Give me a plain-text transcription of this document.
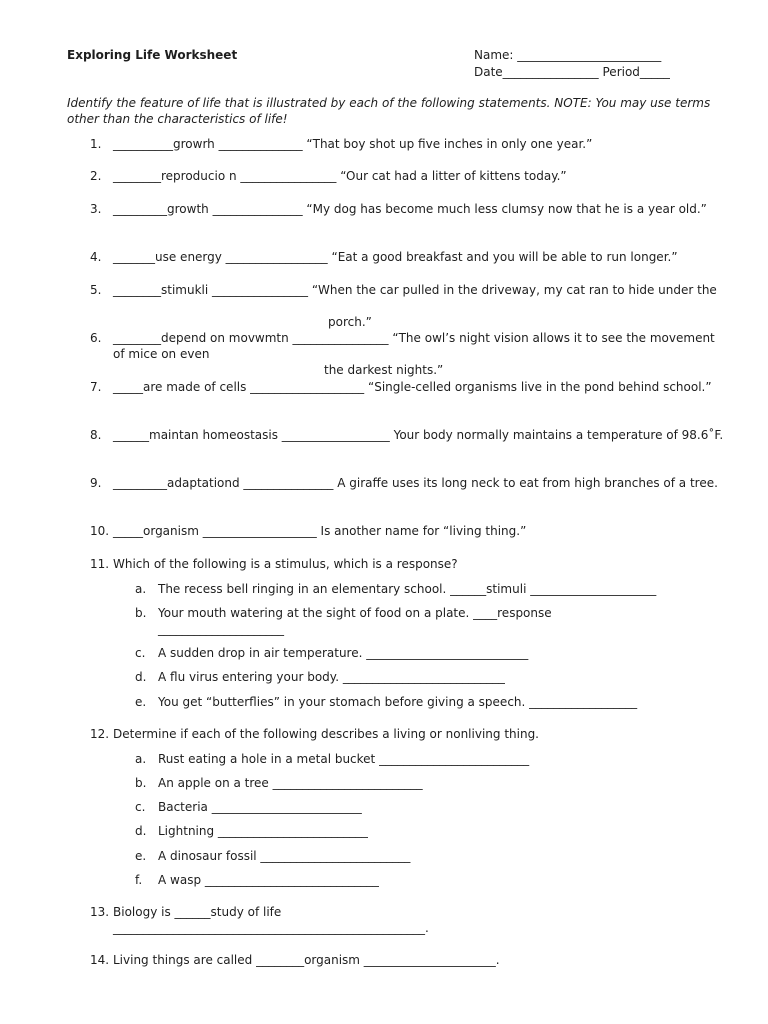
Exploring Life Worksheet	Name: ________________________
Date________________ Period_____
Identify the feature of life that is illustrated by each of the following statements. NOTE: You may use terms other than the characteristics of life!
1. __________growrh ______________ “That boy shot up five inches in only one year.”
2. ________reproducio n ________________ “Our cat had a litter of kittens today.”
3. _________growth _______________ “My dog has become much less clumsy now that he is a year old.”
4. _______use energy _________________ “Eat a good breakfast and you will be able to run longer.”
5. ________stimukli ________________ “When the car pulled in the driveway, my cat ran to hide under the
porch.”
6. ________depend on movwmtn ________________ “The owl’s night vision allows it to see the movement of mice on even
the darkest nights.”
7. _____are made of cells ___________________ “Single-celled organisms live in the pond behind school.”
8. ______maintan homeostasis __________________ Your body normally maintains a temperature of 98.6˚F.
9. _________adaptationd _______________ A giraffe uses its long neck to eat from high branches of a tree.
10. _____organism ___________________ Is another name for “living thing.”
11. Which of the following is a stimulus, which is a response?
a. The recess bell ringing in an elementary school. ______stimuli _____________________
b. Your mouth watering at the sight of food on a plate. ____response _____________________
c. A sudden drop in air temperature. ___________________________
d. A flu virus entering your body. ___________________________
e. You get “butterflies” in your stomach before giving a speech. __________________
12. Determine if each of the following describes a living or nonliving thing.
a. Rust eating a hole in a metal bucket _________________________
b. An apple on a tree _________________________
c. Bacteria _________________________
d. Lightning _________________________
e. A dinosaur fossil _________________________
f. A wasp _____________________________
13. Biology is ______study of life ____________________________________________________.
14. Living things are called ________organism ______________________.
